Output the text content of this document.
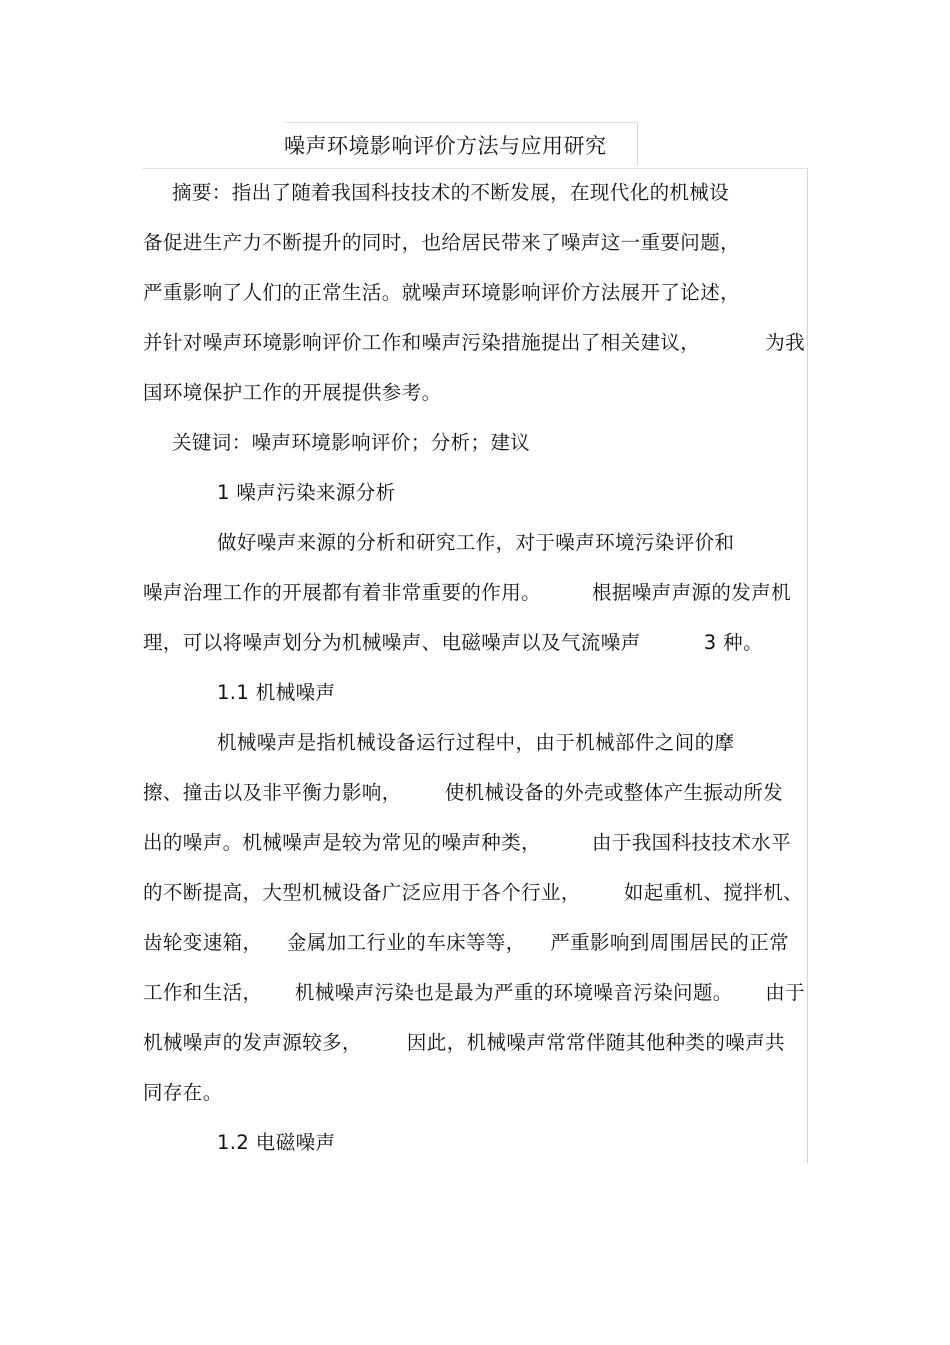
噪声环境影响评价方法与应用研究
摘要：指出了随着我国科技技术的不断发展，在现代化的机械设
备促进生产力不断提升的同时，也给居民带来了噪声这一重要问题，
严重影响了人们的正常生活。就噪声环境影响评价方法展开了论述，
并针对噪声环境影响评价工作和噪声污染措施提出了相关建议，	为我
国环境保护工作的开展提供参考。
关键词：噪声环境影响评价；分析；建议
1 噪声污染来源分析
做好噪声来源的分析和研究工作，对于噪声环境污染评价和
噪声治理工作的开展都有着非常重要的作用。	根据噪声声源的发声机
理，可以将噪声划分为机械噪声、电磁噪声以及气流噪声	3 种。
1.1 机械噪声
机械噪声是指机械设备运行过程中，由于机械部件之间的摩
擦、撞击以及非平衡力影响， 使机械设备的外壳或整体产生振动所发
出的噪声。机械噪声是较为常见的噪声种类，	由于我国科技技术水平
的不断提高，大型机械设备广泛应用于各个行业， 如起重机、搅拌机、
齿轮变速箱， 金属加工行业的车床等等， 严重影响到周围居民的正常
工作和生活， 机械噪声污染也是最为严重的环境噪音污染问题。 由于
机械噪声的发声源较多， 因此，机械噪声常常伴随其他种类的噪声共
同存在。
1.2 电磁噪声
